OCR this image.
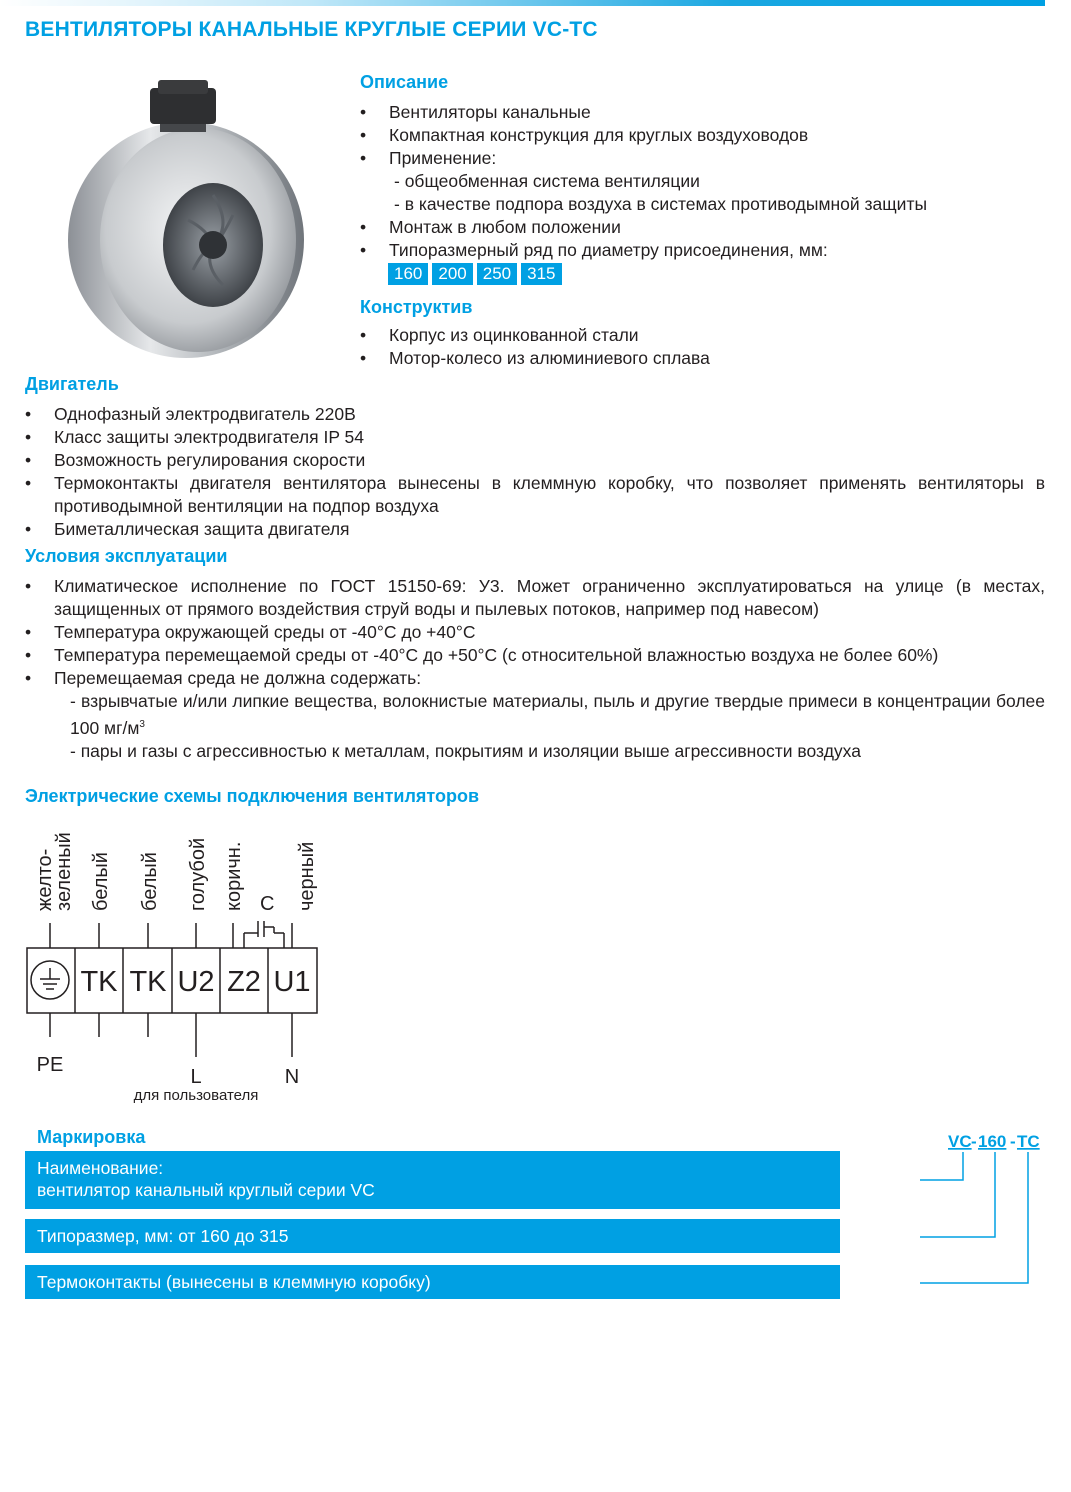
ВЕНТИЛЯТОРЫ КАНАЛЬНЫЕ КРУГЛЫЕ СЕРИИ VC-TC
Описание
• Вентиляторы канальные
• Компактная конструкция для круглых воздуховодов
• Применение:
- общеобменная система вентиляции
- в качестве подпора воздуха в системах противодымной защиты
• Монтаж в любом положении
• Типоразмерный ряд по диаметру присоединения, мм:
160 200 250 315
Конструктив
• Корпус из оцинкованной стали
• Мотор-колесо из алюминиевого сплава
Двигатель
• Однофазный электродвигатель 220В
• Класс защиты электродвигателя IP 54
• Возможность регулирования скорости
• Термоконтакты двигателя вентилятора вынесены в клеммную коробку, что позволяет применять вентиляторы в противодымной вентиляции на подпор воздуха
• Биметаллическая защита двигателя
Условия эксплуатации
• Климатическое исполнение по ГОСТ 15150-69: У3. Может ограниченно эксплуатироваться на улице (в местах, защищенных от прямого воздействия струй воды и пылевых потоков, например под навесом)
• Температура окружающей среды от -40°С до +40°С
• Температура перемещаемой среды от -40°С до +50°С (с относительной влажностью воздуха не более 60%)
• Перемещаемая среда не должна содержать:
- взрывчатые и/или липкие вещества, волокнистые материалы, пыль и другие твердые примеси в концентрации более 100 $мг/м^3$
- пары и газы с агрессивностью к металлам, покрытиям и изоляции выше агрессивности воздуха
Электрические схемы подключения вентиляторов
желто-
зеленый белый белый голубой коричн.	черный
С
TK TK U2 Z2 U1
PE
L	N
для пользователя
Маркировка
Наименование:
вентилятор канальный круглый серии VC
Типоразмер, мм: от 160 до 315
Термоконтакты (вынесены в клеммную коробку)
VC - 160 - TC
